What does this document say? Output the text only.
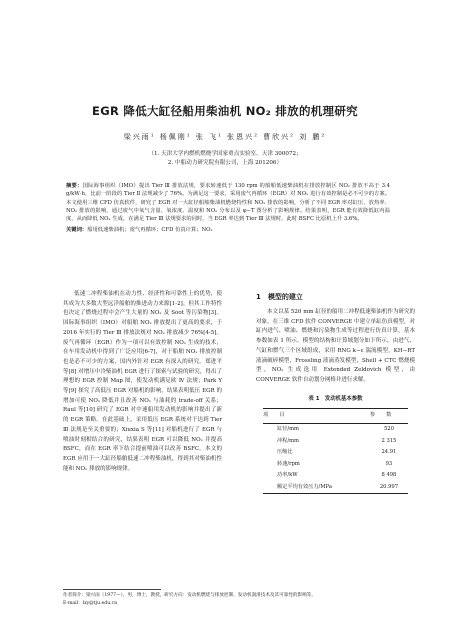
EGR 降低大缸径船用柴油机 NO₂ 排放的机理研究
梁兴雨¹ 杨佩刚¹ 张 飞¹ 张恩兴² 曹欣兴² 刘 鹏²
（1. 天津大学内燃机燃烧学国家重点实验室，天津 300072；
2. 中船动力研究院有限公司，上海 201206）

摘要：国际海事组织（IMO）提出 Tier Ⅲ 排放法规，要求转速低于 130 rpm 的船舶低速柴油机在排放控制区 NOₓ 排放不高于 3.4 g/kW·h，比前一阶段的 Tier Ⅱ 法规减少了 76%。为满足这一要求，采用废气再循环（EGR）对 NOₓ 进行有效控制是必不可少的方案。本文使用三维 CFD 仿真软件，研究了 EGR 对一大缸径船舶柴油机燃烧特性和 NOₓ 排放的影响，分析了不同 EGR 率对缸压、放热率、NOₓ 排放的影响，通过废气中氧气含量、氧浓度、温度和 NOₓ 分布以及 φ−T 图分析了影响规律。结果表明，EGR 能有效降低缸内温度，从而降低 NOₓ 生成，在满足 Tier Ⅲ 法规要求的同时，当 EGR 率达到 Tier Ⅲ 法规时，此时 BSFC 比原机上升 3.6%。

关键词：船用低速柴油机；废气再循环；CFD 仿真计算；NOₓ

低速二冲程柴油机在动力性、经济性和可靠性上的优势，使其成为大多数大型远洋船舶的推进动力来源[1-2]。但其工作特性也决定了燃烧过程中会产生大量的 NOₓ 及 Soot 等污染物[3]。国际海事组织（IMO）对船舶 NOₓ 排放提出了更高的要求，于 2016 年实行的 Tier Ⅲ 排放法规对 NOₓ 排放减少 76%[4-5]。废气再循环（EGR）作为一项可以有效控制 NOₓ 生成的技术，在车用发动机中得到了广泛应用[6-7]，对于船舶 NOₓ 排放控制也是必不可少的方案，国内外针对 EGR 有深入的研究。郑进平等[8] 对增压中冷柴油机 EGR 进行了探索与试验的研究，得出了理想的 EGR 控制 Map 图，使发动机满足欧 Ⅳ 法规；Park Y 等[9] 探究了高低压 EGR 对船机的影响，结果表明低压 EGR 的增加可使 NOₓ 降低并且改善 NOₓ 与油耗的 trade-off 关系；Raul 等[10] 研究了 EGR 对中速船用发动机的影响并提出了新的 EGR 策略。在此基础上，采用低压 EGR 系统对于达到 Tier Ⅲ 法规是至关重要的；Xiuxia S 等[11] 对船机进行了 EGR 与喷油时刻相结合的研究，结果表明 EGR 可以降低 NOₓ 并提高 BSFC，而在 EGR 率下结合提前喷油可以改善 BSFC。本文的 EGR 应用于一大缸径船舶低速二冲程柴油机，得到其对柴油机性能和 NOₓ 排放的影响规律。

1　模型的建立

本文以某 520 mm 缸径的船用二冲程低速柴油机作为研究的对象，在三维 CFD 软件 CONVERGE 中建立单缸仿真模型，对缸内进气、喷油、燃烧和污染物生成等过程进行仿真计算，基本参数如表 1 所示。模型的结构和计算域划分如下所示，由进气、气缸和燃气三个区域组成，采用 RNG k−ε 湍流模型，KH−RT 液滴破碎模型，Frossling 液滴蒸发模型，Shell + CTC 燃烧模型，NOₓ 生成选用 Extended Zeldovich 模型，由 CONVERGE 软件自动划分网格并进行求解。

表 1　发动机基本参数
项　目	参　数
缸径/mm	520
冲程/mm	2 315
压缩比	24.91
转速/rpm	93
功率/kW	8 498
额定平均有效压力/MPa	20.997
作者简介：梁兴雨（1977—），男，博士，教授，研究方向：发动机燃烧与排放控制、发动机润滑技术及其可靠性的影响等。
E-mail：lxy@tju.edu.cn
